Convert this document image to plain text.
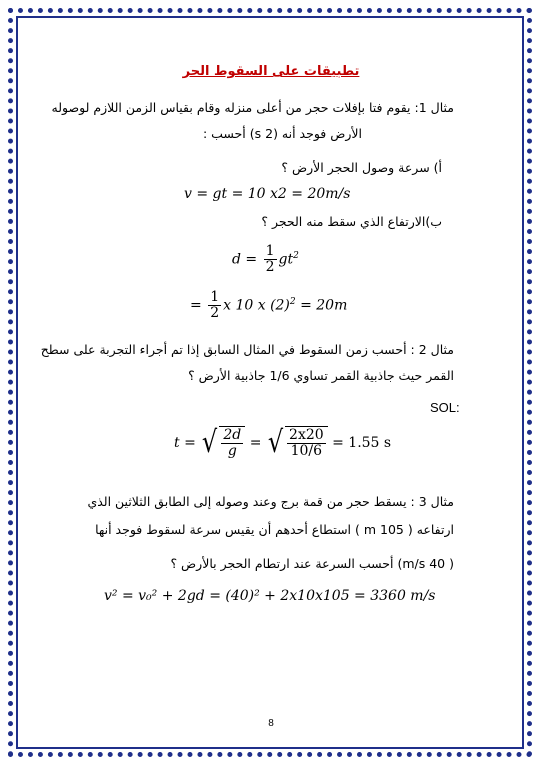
تطبيقات على السقوط الحر
مثال 1: يقوم فتا بإفلات حجر من أعلى منزله وقام بقياس الزمن اللازم لوصوله
الأرض فوجد أنه (2 s) أحسب :
أ) سرعة وصول الحجر الأرض ؟
v = gt = 10 x2 = 20m/s
ب)الارتفاع الذي سقط منه الحجر ؟
$d = \frac{1}{2} gt^2$
= $\frac{1}{2}$ x 10 x $(2)^2 = 20m$
مثال 2 : أحسب زمن السقوط في المثال السابق إذا تم أجراء التجربة على سطح
القمر حيث جاذبية القمر تساوي 1/6 جاذبية الأرض ؟
SOL:
t = √ $\frac{2d}{g}$ = √ $\frac{2x20}{10/6} = 1.55$ s
مثال 3 : يسقط حجر من قمة برج وعند وصوله إلى الطابق الثلاثين الذي
ارتفاعه ( 105 m ) استطاع أحدهم أن يقيس سرعة لسقوط فوجد أنها
( 40 m/s) أحسب السرعة عند ارتطام الحجر بالأرض ؟
v² = v₀² + 2gd = (40)² + 2x10x105 = 3360 m/s
8
